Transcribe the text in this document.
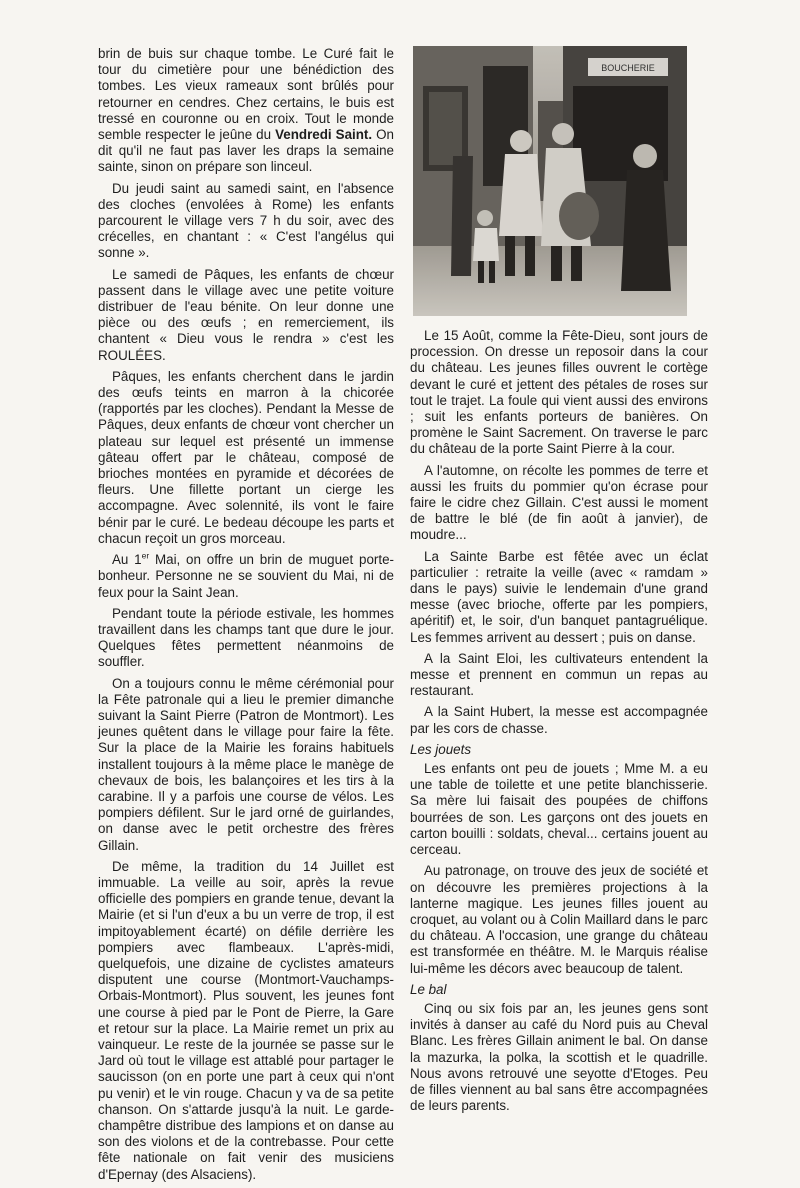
brin de buis sur chaque tombe. Le Curé fait le tour du cimetière pour une bénédiction des tombes. Les vieux rameaux sont brûlés pour retourner en cendres. Chez certains, le buis est tressé en couronne ou en croix. Tout le monde semble respecter le jeûne du Vendredi Saint. On dit qu'il ne faut pas laver les draps la semaine sainte, sinon on prépare son linceul.

Du jeudi saint au samedi saint, en l'absence des cloches (envolées à Rome) les enfants parcourent le village vers 7 h du soir, avec des crécelles, en chantant : « C'est l'angélus qui sonne ».

Le samedi de Pâques, les enfants de chœur passent dans le village avec une petite voiture distribuer de l'eau bénite. On leur donne une pièce ou des œufs ; en remerciement, ils chantent « Dieu vous le rendra » c'est les ROULÉES.

Pâques, les enfants cherchent dans le jardin des œufs teints en marron à la chicorée (rapportés par les cloches). Pendant la Messe de Pâques, deux enfants de chœur vont chercher un plateau sur lequel est présenté un immense gâteau offert par le château, composé de brioches montées en pyramide et décorées de fleurs. Une fillette portant un cierge les accompagne. Avec solennité, ils vont le faire bénir par le curé. Le bedeau découpe les parts et chacun reçoit un gros morceau.

Au 1er Mai, on offre un brin de muguet porte-bonheur. Personne ne se souvient du Mai, ni de feux pour la Saint Jean.

Pendant toute la période estivale, les hommes travaillent dans les champs tant que dure le jour. Quelques fêtes permettent néanmoins de souffler.

On a toujours connu le même cérémonial pour la Fête patronale qui a lieu le premier dimanche suivant la Saint Pierre (Patron de Montmort). Les jeunes quêtent dans le village pour faire la fête. Sur la place de la Mairie les forains habituels installent toujours à la même place le manège de chevaux de bois, les balançoires et les tirs à la carabine. Il y a parfois une course de vélos. Les pompiers défilent. Sur le jard orné de guirlandes, on danse avec le petit orchestre des frères Gillain.

De même, la tradition du 14 Juillet est immuable. La veille au soir, après la revue officielle des pompiers en grande tenue, devant la Mairie (et si l'un d'eux a bu un verre de trop, il est impitoyablement écarté) on défile derrière les pompiers avec flambeaux. L'après-midi, quelquefois, une dizaine de cyclistes amateurs disputent une course (Montmort-Vauchamps-Orbais-Montmort). Plus souvent, les jeunes font une course à pied par le Pont de Pierre, la Gare et retour sur la place. La Mairie remet un prix au vainqueur. Le reste de la journée se passe sur le Jard où tout le village est attablé pour partager le saucisson (on en porte une part à ceux qui n'ont pu venir) et le vin rouge. Chacun y va de sa petite chanson. On s'attarde jusqu'à la nuit. Le garde-champêtre distribue des lampions et on danse au son des violons et de la contrebasse. Pour cette fête nationale on fait venir des musiciens d'Epernay (des Alsaciens).

BOUCHERIE

Le 15 Août, comme la Fête-Dieu, sont jours de procession. On dresse un reposoir dans la cour du château. Les jeunes filles ouvrent le cortège devant le curé et jettent des pétales de roses sur tout le trajet. La foule qui vient aussi des environs ; suit les enfants porteurs de banières. On promène le Saint Sacrement. On traverse le parc du château de la porte Saint Pierre à la cour.

A l'automne, on récolte les pommes de terre et aussi les fruits du pommier qu'on écrase pour faire le cidre chez Gillain. C'est aussi le moment de battre le blé (de fin août à janvier), de moudre...

La Sainte Barbe est fêtée avec un éclat particulier : retraite la veille (avec « ramdam » dans le pays) suivie le lendemain d'une grand messe (avec brioche, offerte par les pompiers, apéritif) et, le soir, d'un banquet pantagruélique. Les femmes arrivent au dessert ; puis on danse.

A la Saint Eloi, les cultivateurs entendent la messe et prennent en commun un repas au restaurant.

A la Saint Hubert, la messe est accompagnée par les cors de chasse.

Les jouets

Les enfants ont peu de jouets ; Mme M. a eu une table de toilette et une petite blanchisserie. Sa mère lui faisait des poupées de chiffons bourrées de son. Les garçons ont des jouets en carton bouilli : soldats, cheval... certains jouent au cerceau.

Au patronage, on trouve des jeux de société et on découvre les premières projections à la lanterne magique. Les jeunes filles jouent au croquet, au volant ou à Colin Maillard dans le parc du château. A l'occasion, une grange du château est transformée en théâtre. M. le Marquis réalise lui-même les décors avec beaucoup de talent.

Le bal

Cinq ou six fois par an, les jeunes gens sont invités à danser au café du Nord puis au Cheval Blanc. Les frères Gillain animent le bal. On danse la mazurka, la polka, la scottish et le quadrille. Nous avons retrouvé une seyotte d'Etoges. Peu de filles viennent au bal sans être accompagnées de leurs parents.
